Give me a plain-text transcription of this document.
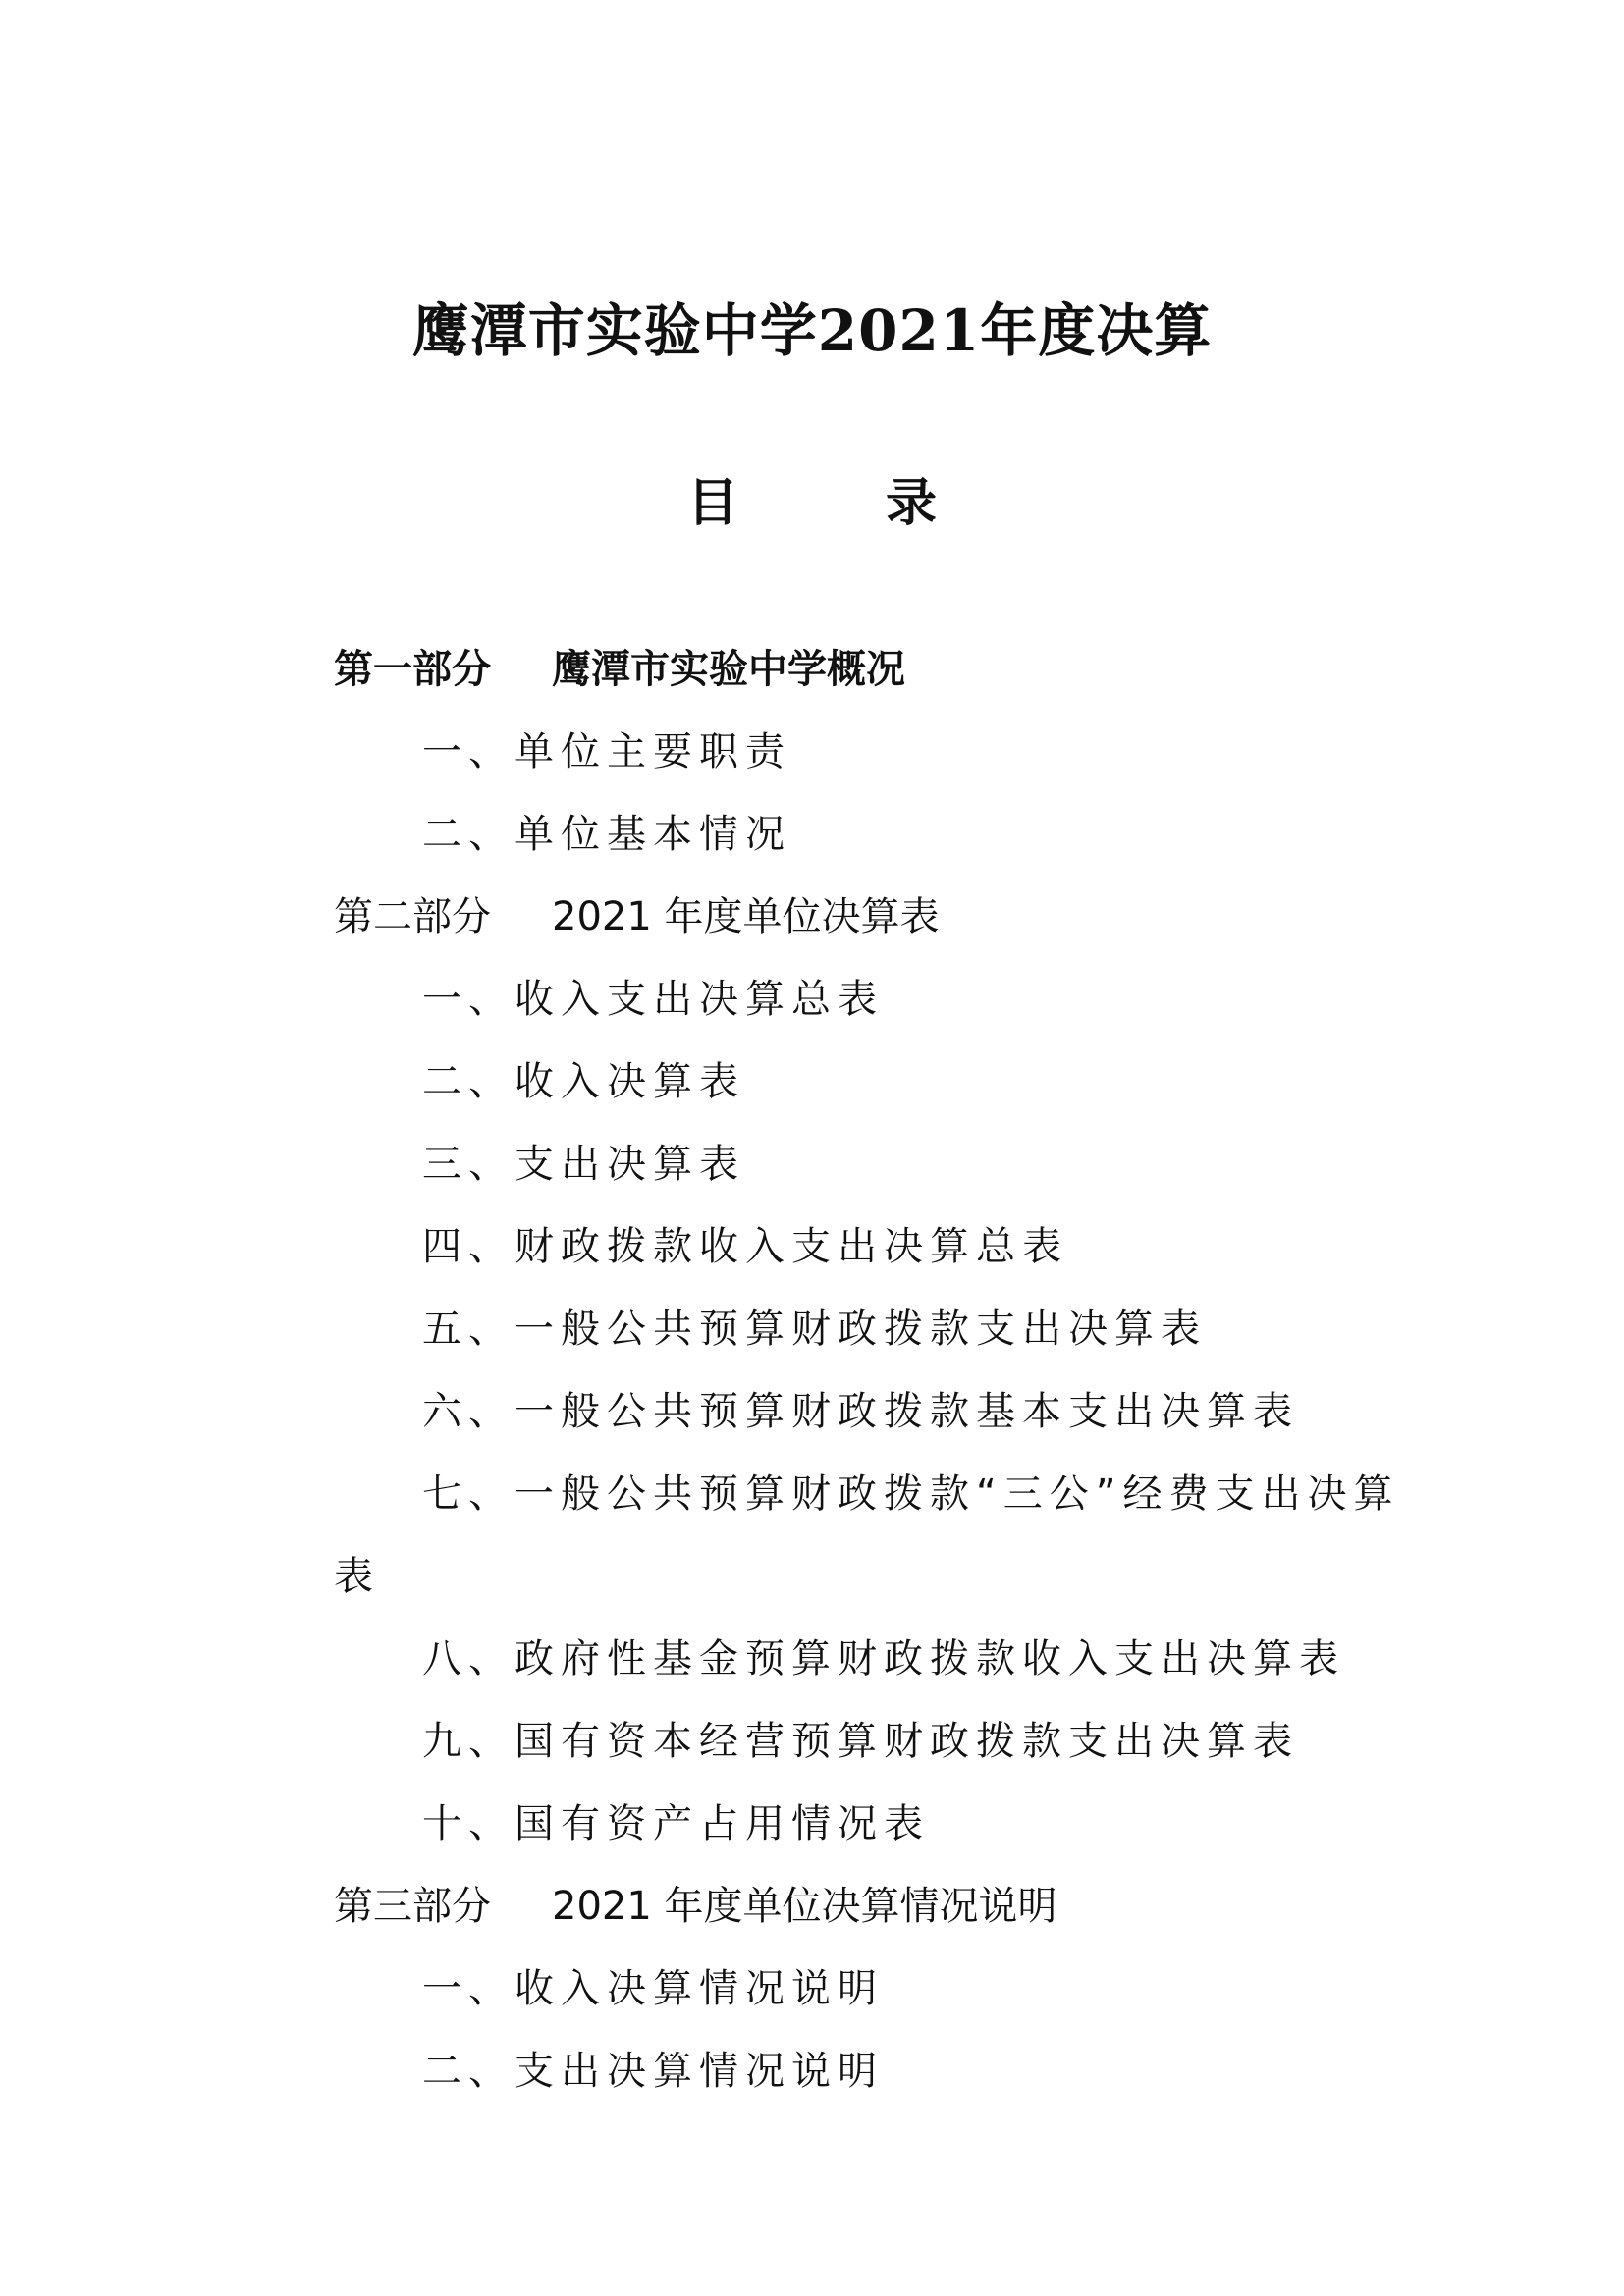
鹰潭市实验中学2021年度决算
目	录
第一部分 鹰潭市实验中学概况
一、单位主要职责
二、单位基本情况
第二部分 2021 年度单位决算表
一、收入支出决算总表
二、收入决算表
三、支出决算表
四、财政拨款收入支出决算总表
五、一般公共预算财政拨款支出决算表
六、一般公共预算财政拨款基本支出决算表
七、一般公共预算财政拨款“三公”经费支出决算
表
八、政府性基金预算财政拨款收入支出决算表
九、国有资本经营预算财政拨款支出决算表
十、国有资产占用情况表
第三部分 2021 年度单位决算情况说明
一、收入决算情况说明
二、支出决算情况说明
